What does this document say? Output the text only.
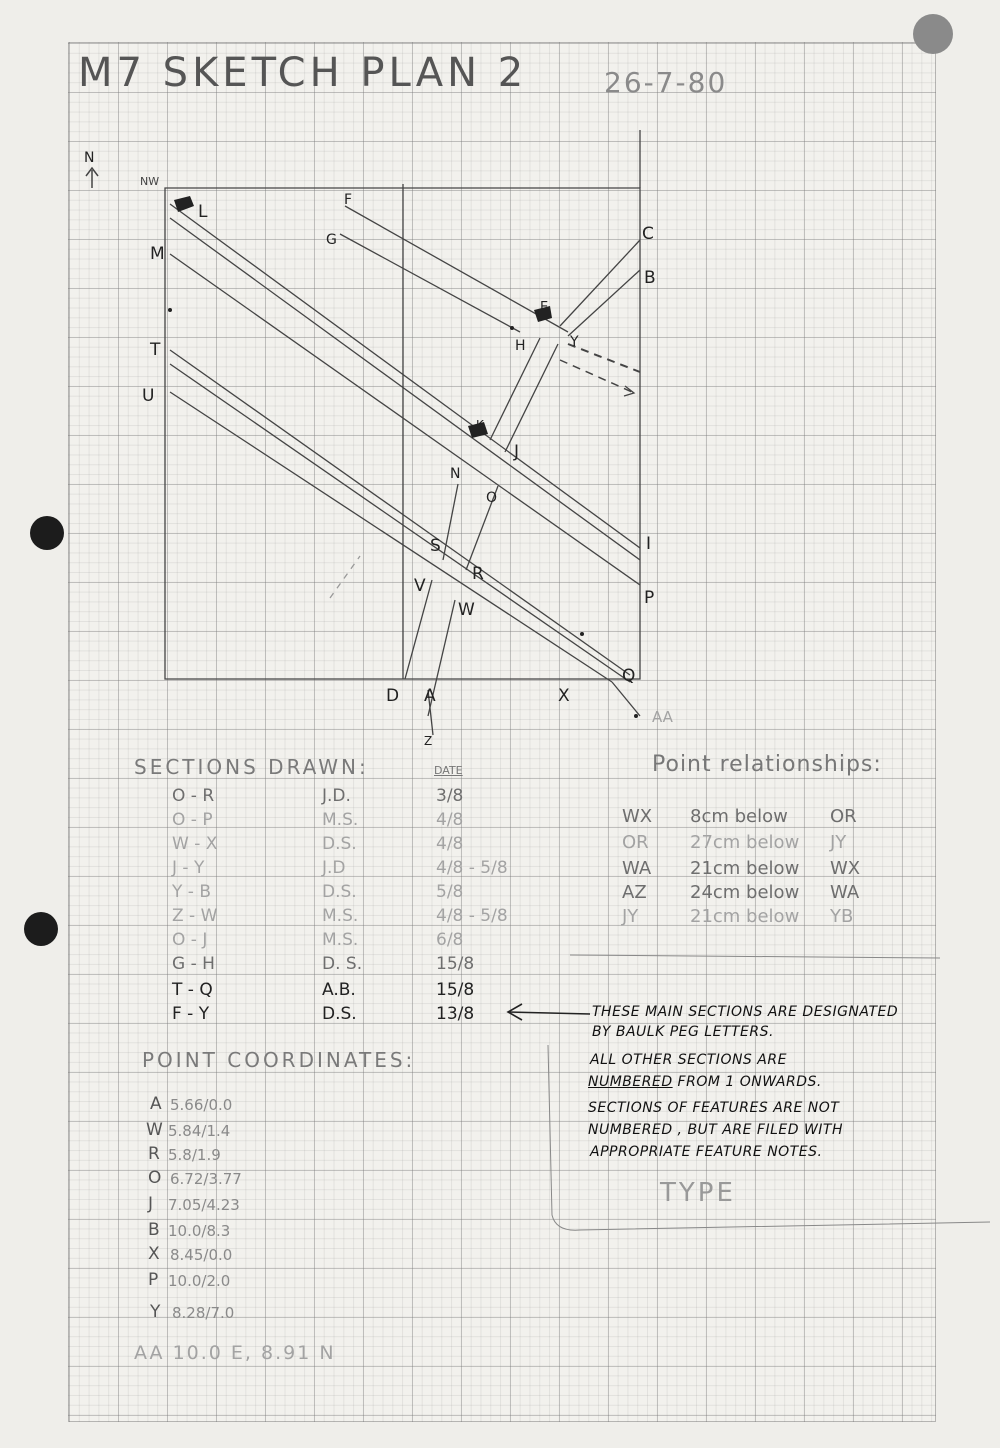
M7 SKETCH PLAN 2	26-7-80
N
NW
L
M
T
U
F
G	C
B
E
H	Y
J
K
N
O
S
R
V
W
I
P
Q
D A	X
AA
Z
SECTIONS DRAWN:	DATE
O - R	J.D.	3/8
O - P	M.S.	4/8
W - X	D.S.	4/8
J - Y	J.D	4/8 - 5/8
Y - B	D.S.	5/8
Z - W	M.S.	4/8 - 5/8
O - J	M.S.	6/8
G - H	D. S.	15/8
T - Q	A.B.	15/8
F - Y	D.S.	13/8
Point relationships:
WX 8cm below OR
OR 27cm below JY
WA 21cm below WX
AZ 24cm below WA
JY	21cm below YB
THESE MAIN SECTIONS ARE DESIGNATED
BY BAULK PEG LETTERS.
ALL OTHER SECTIONS ARE
NUMBERED FROM 1 ONWARDS.
SECTIONS OF FEATURES ARE NOT
NUMBERED , BUT ARE FILED WITH
APPROPRIATE FEATURE NOTES.
TYPE
POINT COORDINATES:
A 5.66/0.0
W 5.84/1.4
R 5.8/1.9
O 6.72/3.77
J 7.05/4.23
B 10.0/8.3
X 8.45/0.0
P 10.0/2.0
Y 8.28/7.0
AA 10.0 E, 8.91 N
